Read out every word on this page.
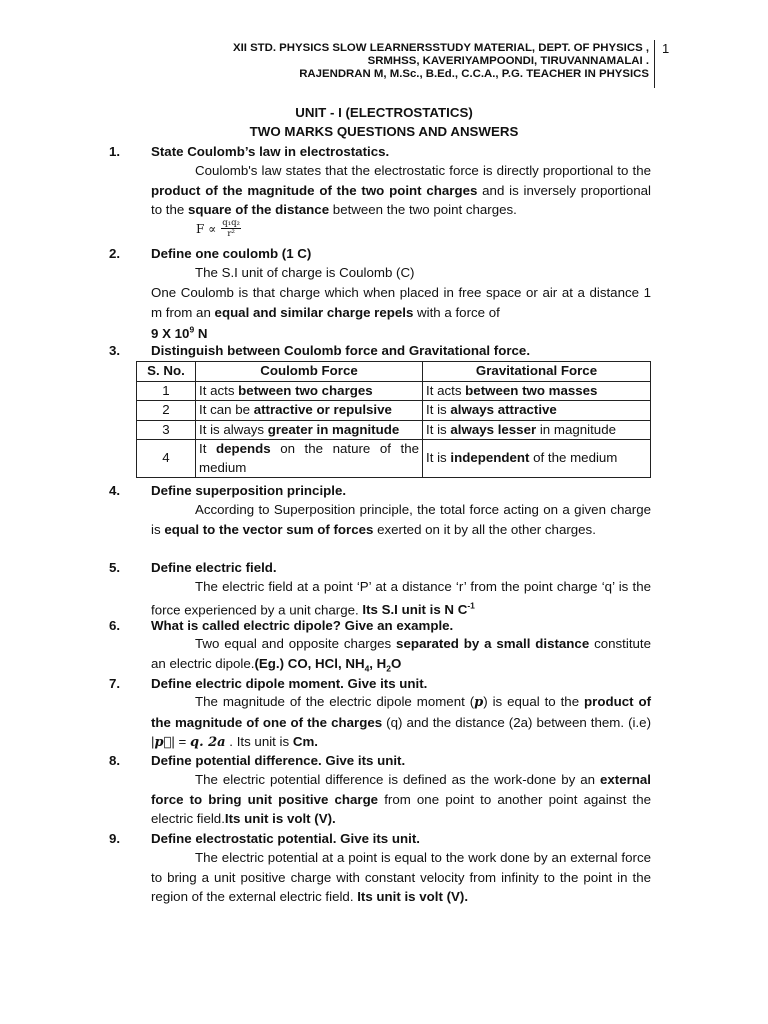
XII STD. PHYSICS SLOW LEARNERSSTUDY MATERIAL, DEPT. OF PHYSICS ,
SRMHSS, KAVERIYAMPOONDI, TIRUVANNAMALAI .
RAJENDRAN M, M.Sc., B.Ed., C.C.A., P.G. TEACHER IN PHYSICS
1
UNIT - I (ELECTROSTATICS)
TWO MARKS QUESTIONS AND ANSWERS
1. State Coulomb’s law in electrostatics.
Coulomb's law states that the electrostatic force is directly proportional to the product of the magnitude of the two point charges and is inversely proportional to the square of the distance between the two point charges.
$F \propto \frac{\text{q₁q₂}}{\text{r²}}$
2. Define one coulomb (1 C)
The S.I unit of charge is Coulomb (C)
One Coulomb is that charge which when placed in free space or air at a distance 1 m from an equal and similar charge repels with a force of
9 X $10^9$ N
3. Distinguish between Coulomb force and Gravitational force.
S. No.	Coulomb Force	Gravitational Force
1	It acts between two charges	It acts between two masses
2	It can be attractive or repulsive	It is always attractive
3	It is always greater in magnitude	It is always lesser in magnitude
4	It depends on the nature of the medium	It is independent of the medium
4. Define superposition principle.
According to Superposition principle, the total force acting on a given charge is equal to the vector sum of forces exerted on it by all the other charges.
5. Define electric field.
The electric field at a point ‘P’ at a distance ‘r’ from the point charge ‘q’ is the force experienced by a unit charge. Its S.I unit is N $C^{-1}$
6. What is called electric dipole? Give an example.
Two equal and opposite charges separated by a small distance constitute an electric dipole.(Eg.) CO, HCl, $NH_4$, $H_2O$
7. Define electric dipole moment. Give its unit.
The magnitude of the electric dipole moment (p) is equal to the product of the magnitude of one of the charges (q) and the distance (2a) between them. (i.e) |p⃗| = q. 2a . Its unit is Cm.
8. Define potential difference. Give its unit.
The electric potential difference is defined as the work-done by an external force to bring unit positive charge from one point to another point against the electric field.Its unit is volt (V).
9. Define electrostatic potential. Give its unit.
The electric potential at a point is equal to the work done by an external force to bring a unit positive charge with constant velocity from infinity to the point in the region of the external electric field. Its unit is volt (V).
